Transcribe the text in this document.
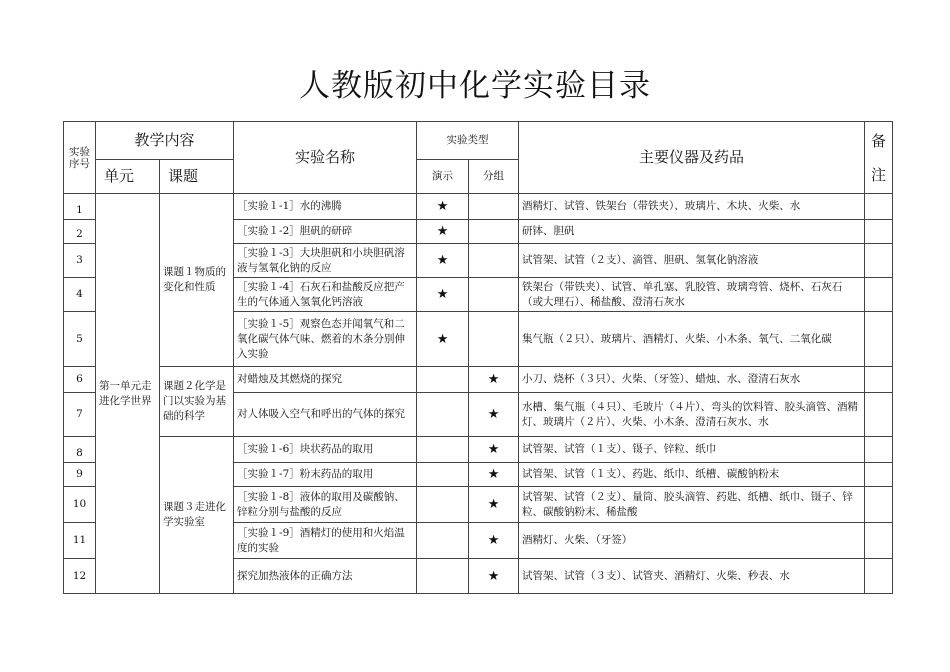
人教版初中化学实验目录
实验
序号	教学内容		实验名称	实验类型		主要仪器及药品	备注
	单元	课题		演示	分组		
1	第一单元走进化学世界	课题１物质的变化和性质	［实验１-1］水的沸腾	★		酒精灯、试管、铁架台（带铁夹）、玻璃片、木块、火柴、水	
2			［实验１-2］胆矾的研碎	★		研钵、胆矾	
3			［实验１-3］大块胆矾和小块胆矾溶液与氢氧化钠的反应	★		试管架、试管（２支）、滴管、胆矾、氢氧化钠溶液	
4			［实验１-4］石灰石和盐酸反应把产生的气体通入氢氧化钙溶液	★		铁架台（带铁夹）、试管、单孔塞、乳胶管、玻璃弯管、烧杯、石灰石（或大理石）、稀盐酸、澄清石灰水	
5			［实验１-5］观察色态并闻氧气和二氧化碳气体气味、燃着的木条分别伸入实验	★		集气瓶（２只）、玻璃片、酒精灯、火柴、小木条、氧气、二氧化碳	
6		课题２化学是门以实验为基础的科学	对蜡烛及其燃烧的探究		★	小刀、烧杯（３只）、火柴、（牙签）、蜡烛、水、澄清石灰水	
7			对人体吸入空气和呼出的气体的探究		★	水槽、集气瓶（４只）、毛玻片（４片）、弯头的饮料管、胶头滴管、酒精灯、玻璃片（２片）、火柴、小木条、澄清石灰水、水	
8		课题３走进化学实验室	［实验１-6］块状药品的取用		★	试管架、试管（１支）、镊子、锌粒、纸巾	
9			［实验１-7］粉末药品的取用		★	试管架、试管（１支）、药匙、纸巾、纸槽、碳酸钠粉末	
10			［实验１-8］液体的取用及碳酸钠、锌粒分别与盐酸的反应		★	试管架、试管（２支）、量筒、胶头滴管、药匙、纸槽、纸巾、镊子、锌粒、碳酸钠粉末、稀盐酸	
11			［实验１-9］酒精灯的使用和火焰温度的实验		★	酒精灯、火柴、（牙签）	
12			探究加热液体的正确方法		★	试管架、试管（３支）、试管夹、酒精灯、火柴、秒表、水	
